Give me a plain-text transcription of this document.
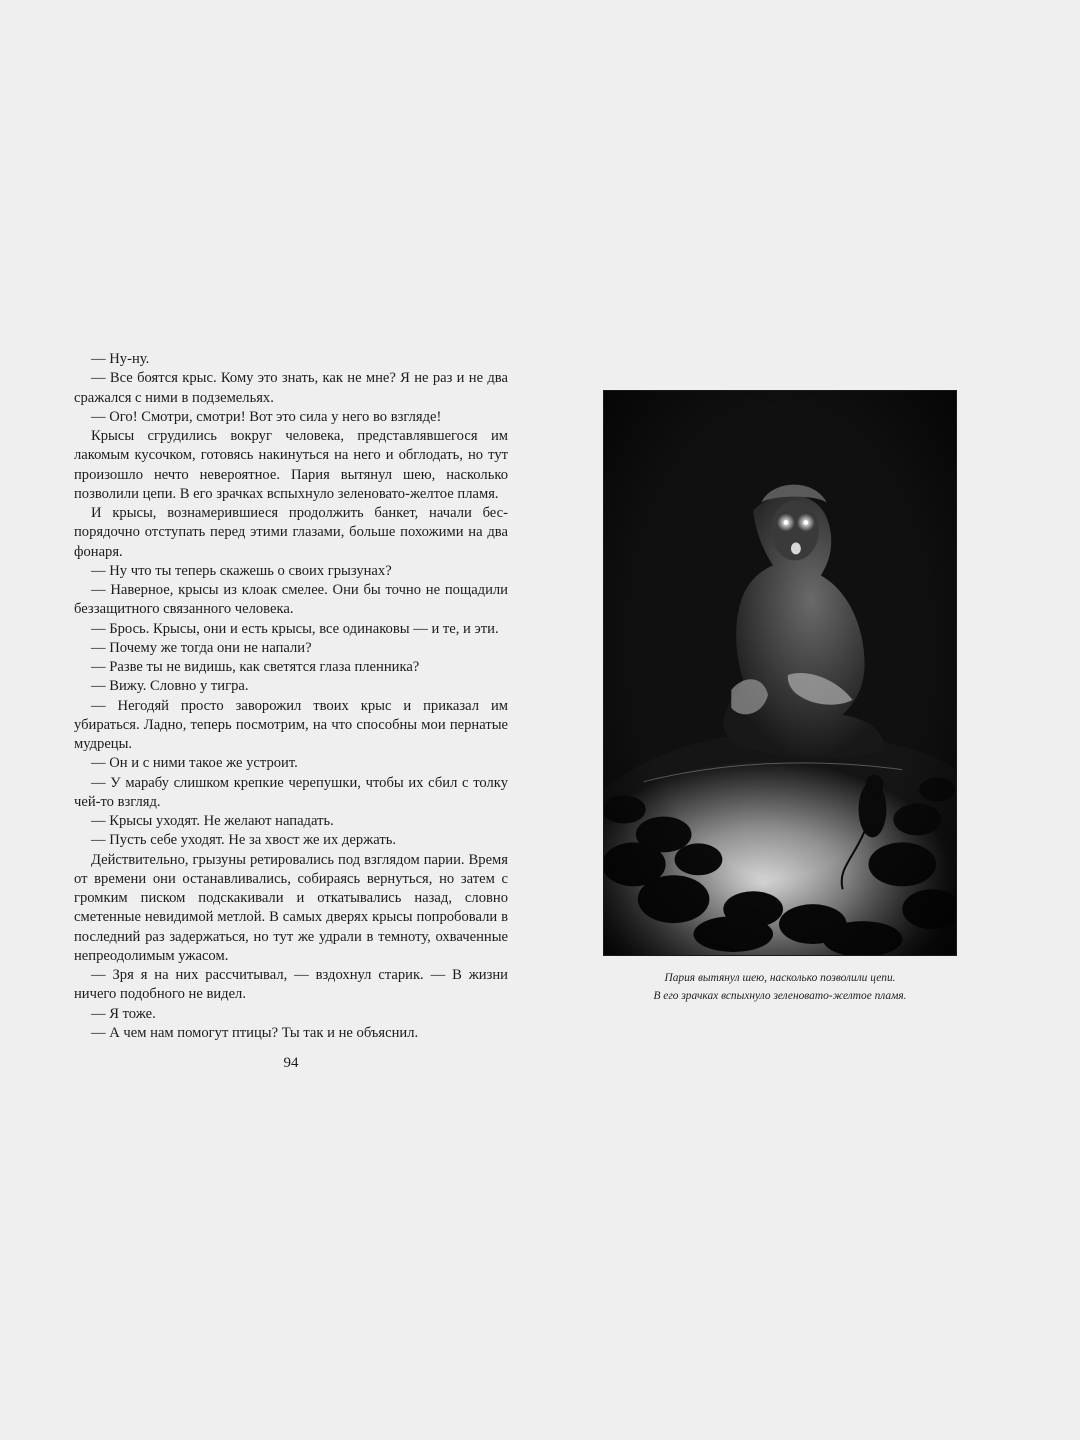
— Ну-ну.

— Все боятся крыс. Кому это знать, как не мне? Я не раз и не два сражался с ними в подземельях.

— Ого! Смотри, смотри! Вот это сила у него во взгляде!

Крысы сгрудились вокруг человека, представлявшегося им лакомым кусочком, готовясь накинуться на него и обглодать, но тут произошло нечто невероятное. Пария вытянул шею, насколько позволили цепи. В его зрачках вспыхнуло зеленовато-желтое пламя.

И крысы, вознамерившиеся продолжить банкет, начали беспорядочно отступать перед этими глазами, больше похожими на два фонаря.

— Ну что ты теперь скажешь о своих грызунах?

— Наверное, крысы из клоак смелее. Они бы точно не пощадили беззащитного связанного человека.

— Брось. Крысы, они и есть крысы, все одинаковы — и те, и эти.

— Почему же тогда они не напали?

— Разве ты не видишь, как светятся глаза пленника?

— Вижу. Словно у тигра.

— Негодяй просто заворожил твоих крыс и приказал им убираться. Ладно, теперь посмотрим, на что способны мои пернатые мудрецы.

— Он и с ними такое же устроит.

— У марабу слишком крепкие черепушки, чтобы их сбил с толку чей-то взгляд.

— Крысы уходят. Не желают нападать.

— Пусть себе уходят. Не за хвост же их держать.

Действительно, грызуны ретировались под взглядом парии. Время от времени они останавливались, собираясь вернуться, но затем с громким писком подскакивали и откатывались назад, словно сметенные невидимой метлой. В самых дверях крысы попробовали в последний раз задержаться, но тут же удрали в темноту, охваченные непреодолимым ужасом.

— Зря я на них рассчитывал, — вздохнул старик. — В жизни ничего подобного не видел.

— Я тоже.

— А чем нам помогут птицы? Ты так и не объяснил.

94
Пария вытянул шею, насколько позволили цепи.
В его зрачках вспыхнуло зеленовато-желтое пламя.
